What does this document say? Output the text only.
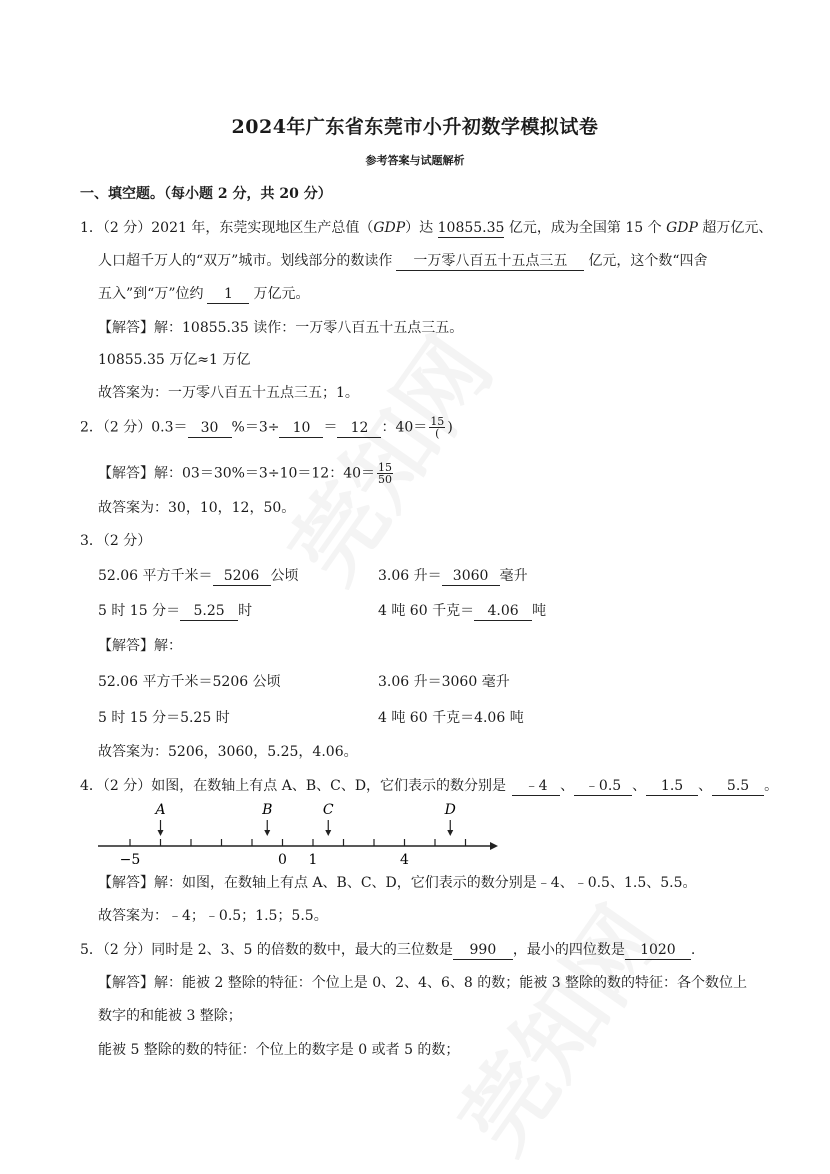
2024年广东省东莞市小升初数学模拟试卷
参考答案与试题解析
一、填空题。（每小题 2 分，共 20 分）
1．（2 分）2021 年，东莞实现地区生产总值（GDP）达 10855.35 亿元，成为全国第 15 个 GDP 超万亿元、
人口超千万人的“双万”城市。划线部分的数读作 一万零八百五十五点三五 亿元，这个数“四舍
五入”到“万”位约 1 万亿元。
【解答】解：10855.35 读作：一万零八百五十五点三五。
10855.35 万亿≈1 万亿
故答案为：一万零八百五十五点三五；1。
2．（2 分）0.3＝ 30 %＝3÷ 10 ＝ 12 ：$40= \frac{15}{(}$ )
【解答】解：03＝30%＝3÷10＝12：$40= \frac{15}{50}$
故答案为：30，10，12，50。
3．（2 分）
52.06 平方千米＝ 5206 公顷	3.06 升＝ 3060 毫升
5 时 15 分＝ 5.25 时	4 吨 60 千克＝ 4.06 吨
【解答】解：
52.06 平方千米＝5206 公顷	3.06 升＝3060 毫升
5 时 15 分＝5.25 时	4 吨 60 千克＝4.06 吨
故答案为：5206，3060，5.25，4.06。
4．（2 分）如图，在数轴上有点 A、B、C、D，它们表示的数分别是 ﹣4 、 ﹣0.5 、 1.5 、 5.5 。
A	B	C	D
−5	0 1	4
【解答】解：如图，在数轴上有点 A、B、C、D，它们表示的数分别是﹣4、﹣0.5、1.5、5.5。
故答案为：﹣4；﹣0.5；1.5；5.5。
5．（2 分）同时是 2、3、5 的倍数的数中，最大的三位数是 990 ，最小的四位数是 1020 .
【解答】解：能被 2 整除的特征：个位上是 0、2、4、6、8 的数；能被 3 整除的数的特征：各个数位上
数字的和能被 3 整除；
能被 5 整除的数的特征：个位上的数字是 0 或者 5 的数；
